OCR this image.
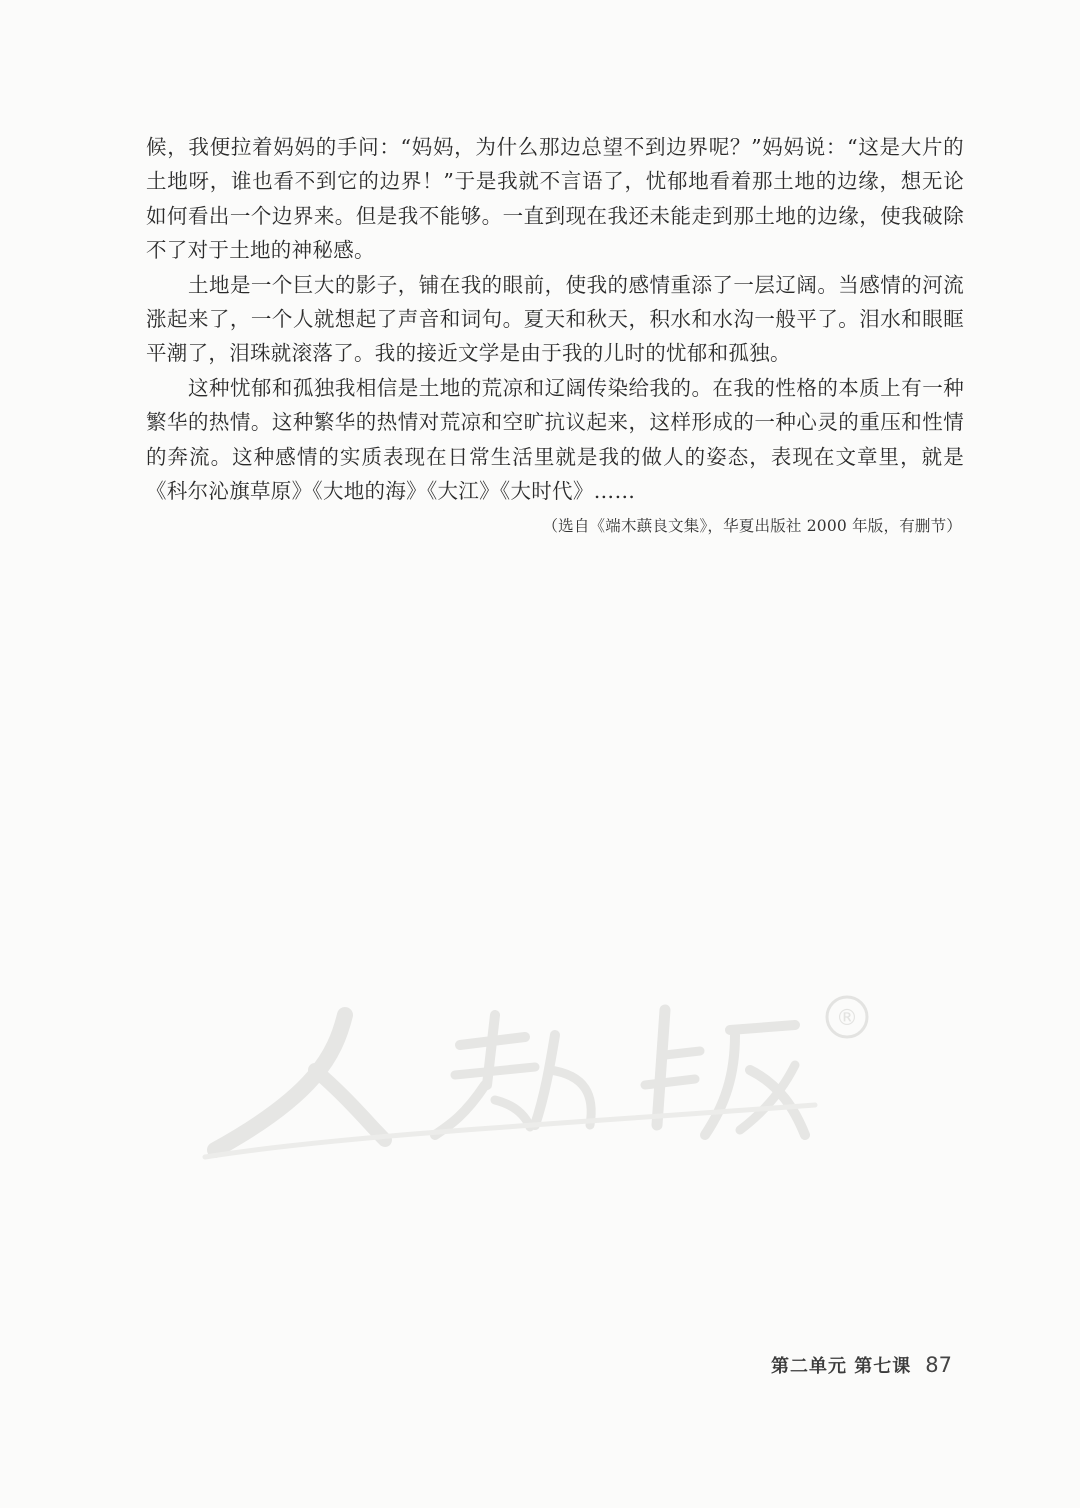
候，我便拉着妈妈的手问：“妈妈，为什么那边总望不到边界呢？”妈妈说：“这是大片的土地呀，谁也看不到它的边界！”于是我就不言语了，忧郁地看着那土地的边缘，想无论如何看出一个边界来。但是我不能够。一直到现在我还未能走到那土地的边缘，使我破除不了对于土地的神秘感。

土地是一个巨大的影子，铺在我的眼前，使我的感情重添了一层辽阔。当感情的河流涨起来了，一个人就想起了声音和词句。夏天和秋天，积水和水沟一般平了。泪水和眼眶平潮了，泪珠就滚落了。我的接近文学是由于我的儿时的忧郁和孤独。

这种忧郁和孤独我相信是土地的荒凉和辽阔传染给我的。在我的性格的本质上有一种繁华的热情。这种繁华的热情对荒凉和空旷抗议起来，这样形成的一种心灵的重压和性情的奔流。这种感情的实质表现在日常生活里就是我的做人的姿态，表现在文章里，就是《科尔沁旗草原》《大地的海》《大江》《大时代》……

（选自《端木蕻良文集》，华夏出版社 2000 年版，有删节）
®
第二单元 第七课 87
